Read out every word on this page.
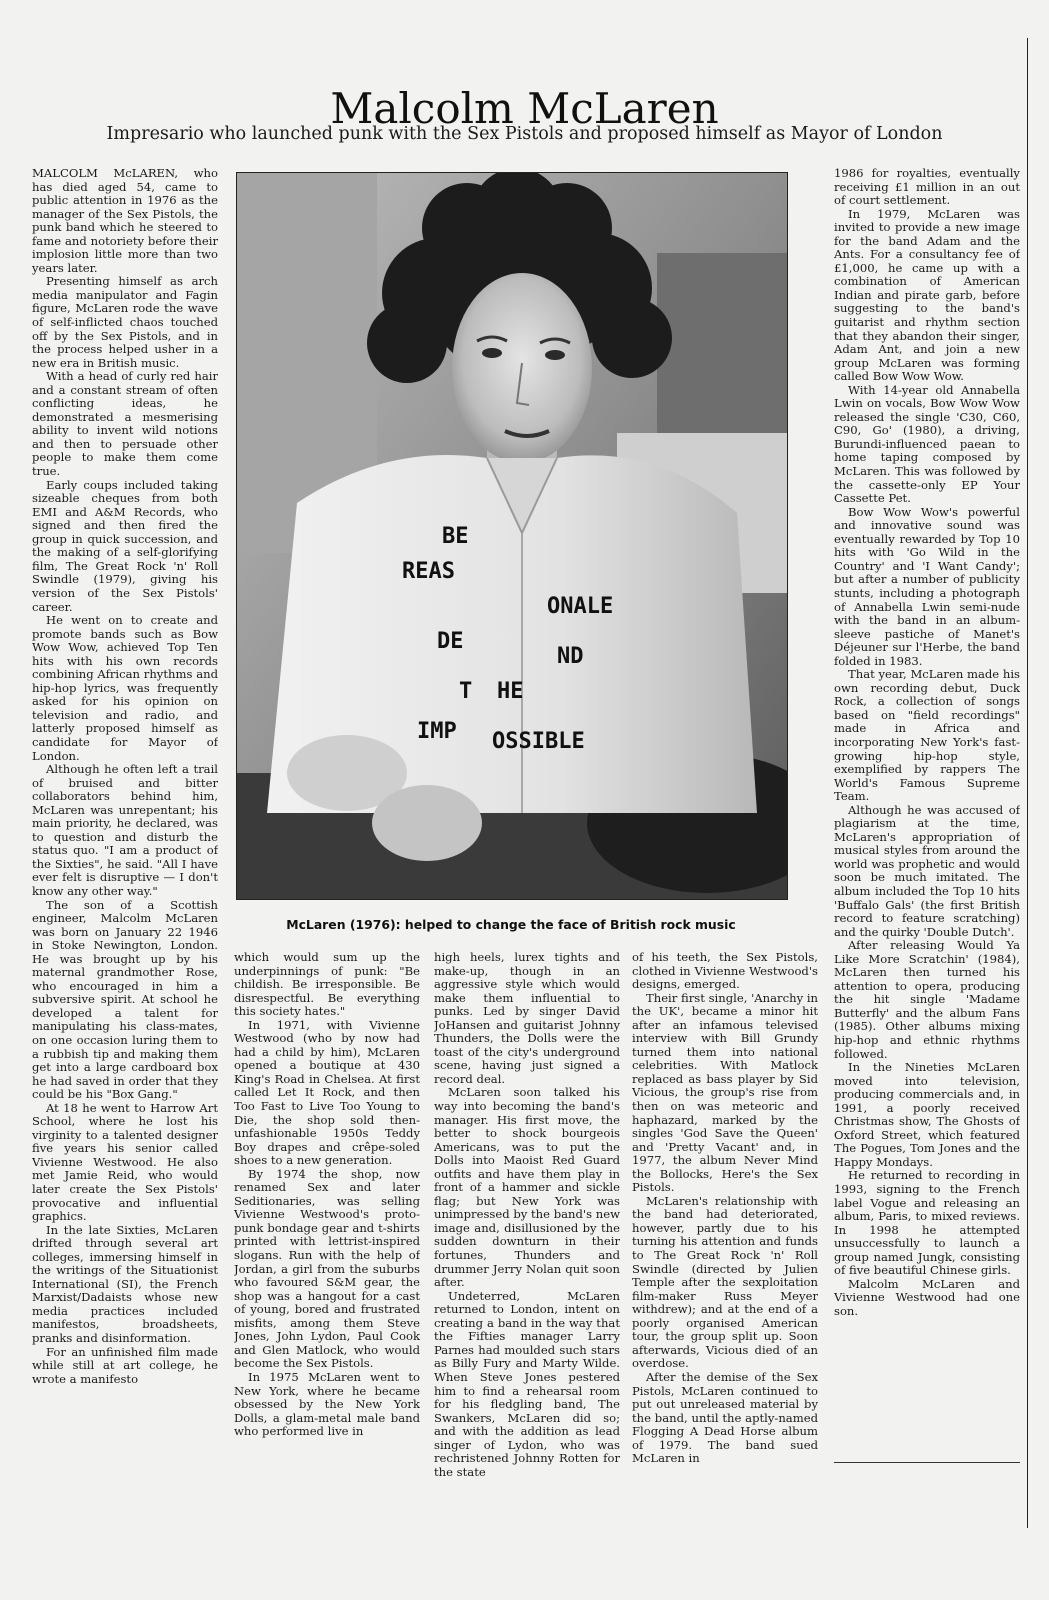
Malcolm McLaren
Impresario who launched punk with the Sex Pistols and proposed himself as Mayor of London

MALCOLM McLAREN, who has died aged 54, came to public attention in 1976 as the manager of the Sex Pistols, the punk band which he steered to fame and notoriety before their implosion little more than two years later.

Presenting himself as arch media manipulator and Fagin figure, McLaren rode the wave of self-inflicted chaos touched off by the Sex Pistols, and in the process helped usher in a new era in British music.

With a head of curly red hair and a constant stream of often conflicting ideas, he demonstrated a mesmerising ability to invent wild notions and then to persuade other people to make them come true.

Early coups included taking sizeable cheques from both EMI and A&M Records, who signed and then fired the group in quick succession, and the making of a self-glorifying film, The Great Rock 'n' Roll Swindle (1979), giving his version of the Sex Pistols' career.

He went on to create and promote bands such as Bow Wow Wow, achieved Top Ten hits with his own records combining African rhythms and hip-hop lyrics, was frequently asked for his opinion on television and radio, and latterly proposed himself as candidate for Mayor of London.

Although he often left a trail of bruised and bitter collaborators behind him, McLaren was unrepentant; his main priority, he declared, was to question and disturb the status quo. "I am a product of the Sixties", he said. "All I have ever felt is disruptive — I don't know any other way."

The son of a Scottish engineer, Malcolm McLaren was born on January 22 1946 in Stoke Newington, London. He was brought up by his maternal grandmother Rose, who encouraged in him a subversive spirit. At school he developed a talent for manipulating his class-mates, on one occasion luring them to a rubbish tip and making them get into a large cardboard box he had saved in order that they could be his "Box Gang."

At 18 he went to Harrow Art School, where he lost his virginity to a talented designer five years his senior called Vivienne Westwood. He also met Jamie Reid, who would later create the Sex Pistols' provocative and influential graphics.

In the late Sixties, McLaren drifted through several art colleges, immersing himself in the writings of the Situationist International (SI), the French Marxist/Dadaists whose new media practices included manifestos, broadsheets, pranks and disinformation.

For an unfinished film made while still at art college, he wrote a manifesto

BE
REAS
ONALE
DE
ND
T HE
IMP OSSIBLE
McLaren (1976): helped to change the face of British rock music

which would sum up the underpinnings of punk: "Be childish. Be irresponsible. Be disrespectful. Be everything this society hates."

In 1971, with Vivienne Westwood (who by now had had a child by him), McLaren opened a boutique at 430 King's Road in Chelsea. At first called Let It Rock, and then Too Fast to Live Too Young to Die, the shop sold then-unfashionable 1950s Teddy Boy drapes and crêpe-soled shoes to a new generation.

By 1974 the shop, now renamed Sex and later Seditionaries, was selling Vivienne Westwood's proto-punk bondage gear and t-shirts printed with lettrist-inspired slogans. Run with the help of Jordan, a girl from the suburbs who favoured S&M gear, the shop was a hangout for a cast of young, bored and frustrated misfits, among them Steve Jones, John Lydon, Paul Cook and Glen Matlock, who would become the Sex Pistols.

In 1975 McLaren went to New York, where he became obsessed by the New York Dolls, a glam-metal male band who performed live in

high heels, lurex tights and make-up, though in an aggressive style which would make them influential to punks. Led by singer David JoHansen and guitarist Johnny Thunders, the Dolls were the toast of the city's underground scene, having just signed a record deal.

McLaren soon talked his way into becoming the band's manager. His first move, the better to shock bourgeois Americans, was to put the Dolls into Maoist Red Guard outfits and have them play in front of a hammer and sickle flag; but New York was unimpressed by the band's new image and, disillusioned by the sudden downturn in their fortunes, Thunders and drummer Jerry Nolan quit soon after.

Undeterred, McLaren returned to London, intent on creating a band in the way that the Fifties manager Larry Parnes had moulded such stars as Billy Fury and Marty Wilde. When Steve Jones pestered him to find a rehearsal room for his fledgling band, The Swankers, McLaren did so; and with the addition as lead singer of Lydon, who was rechristened Johnny Rotten for the state

of his teeth, the Sex Pistols, clothed in Vivienne Westwood's designs, emerged.

Their first single, 'Anarchy in the UK', became a minor hit after an infamous televised interview with Bill Grundy turned them into national celebrities. With Matlock replaced as bass player by Sid Vicious, the group's rise from then on was meteoric and haphazard, marked by the singles 'God Save the Queen' and 'Pretty Vacant' and, in 1977, the album Never Mind the Bollocks, Here's the Sex Pistols.

McLaren's relationship with the band had deteriorated, however, partly due to his turning his attention and funds to The Great Rock 'n' Roll Swindle (directed by Julien Temple after the sexploitation film-maker Russ Meyer withdrew); and at the end of a poorly organised American tour, the group split up. Soon afterwards, Vicious died of an overdose.

After the demise of the Sex Pistols, McLaren continued to put out unreleased material by the band, until the aptly-named Flogging A Dead Horse album of 1979. The band sued McLaren in

1986 for royalties, eventually receiving £1 million in an out of court settlement.

In 1979, McLaren was invited to provide a new image for the band Adam and the Ants. For a consultancy fee of £1,000, he came up with a combination of American Indian and pirate garb, before suggesting to the band's guitarist and rhythm section that they abandon their singer, Adam Ant, and join a new group McLaren was forming called Bow Wow Wow.

With 14-year old Annabella Lwin on vocals, Bow Wow Wow released the single 'C30, C60, C90, Go' (1980), a driving, Burundi-influenced paean to home taping composed by McLaren. This was followed by the cassette-only EP Your Cassette Pet.

Bow Wow Wow's powerful and innovative sound was eventually rewarded by Top 10 hits with 'Go Wild in the Country' and 'I Want Candy'; but after a number of publicity stunts, including a photograph of Annabella Lwin semi-nude with the band in an album-sleeve pastiche of Manet's Déjeuner sur l'Herbe, the band folded in 1983.

That year, McLaren made his own recording debut, Duck Rock, a collection of songs based on "field recordings" made in Africa and incorporating New York's fast-growing hip-hop style, exemplified by rappers The World's Famous Supreme Team.

Although he was accused of plagiarism at the time, McLaren's appropriation of musical styles from around the world was prophetic and would soon be much imitated. The album included the Top 10 hits 'Buffalo Gals' (the first British record to feature scratching) and the quirky 'Double Dutch'.

After releasing Would Ya Like More Scratchin' (1984), McLaren then turned his attention to opera, producing the hit single 'Madame Butterfly' and the album Fans (1985). Other albums mixing hip-hop and ethnic rhythms followed.

In the Nineties McLaren moved into television, producing commercials and, in 1991, a poorly received Christmas show, The Ghosts of Oxford Street, which featured The Pogues, Tom Jones and the Happy Mondays.

He returned to recording in 1993, signing to the French label Vogue and releasing an album, Paris, to mixed reviews. In 1998 he attempted unsuccessfully to launch a group named Jungk, consisting of five beautiful Chinese girls.

Malcolm McLaren and Vivienne Westwood had one son.
